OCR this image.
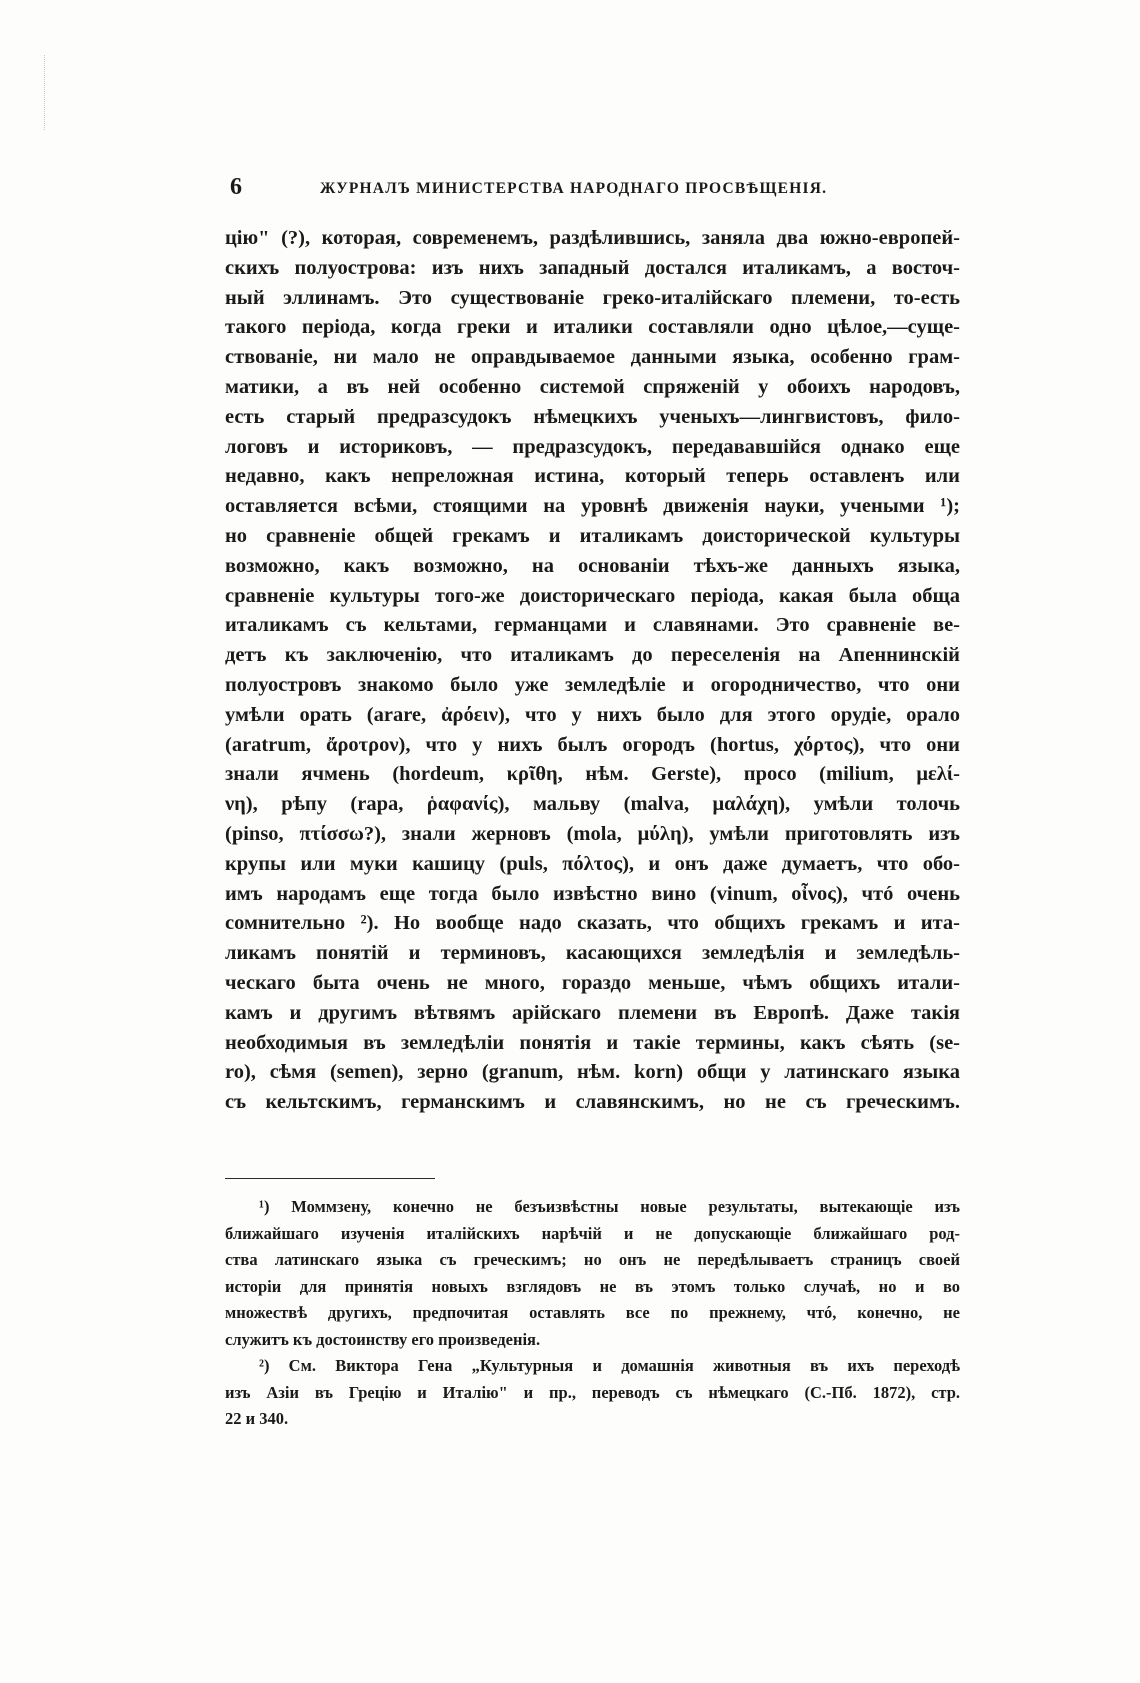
6	ЖУРНАЛЪ МИНИСТЕРСТВА НАРОДНАГО ПРОСВѢЩЕНІЯ.
цію" (?), которая, современемъ, раздѣлившись, заняла два южно-европей-
скихъ полуострова: изъ нихъ западный достался италикамъ, а восточ-
ный эллинамъ. Это существованіе греко-италійскаго племени, то-есть
такого періода, когда греки и италики составляли одно цѣлое,—суще-
ствованіе, ни мало не оправдываемое данными языка, особенно грам-
матики, а въ ней особенно системой спряженій у обоихъ народовъ,
есть старый предразсудокъ нѣмецкихъ ученыхъ—лингвистовъ, фило-
логовъ и историковъ, — предразсудокъ, передававшійся однако еще
недавно, какъ непреложная истина, который теперь оставленъ или
оставляется всѣми, стоящими на уровнѣ движенія науки, учеными ¹);
но сравненіе общей грекамъ и италикамъ доисторической культуры
возможно, какъ возможно, на основаніи тѣхъ-же данныхъ языка,
сравненіе культуры того-же доисторическаго періода, какая была обща
италикамъ съ кельтами, германцами и славянами. Это сравненіе ве-
детъ къ заключенію, что италикамъ до переселенія на Апеннинскій
полуостровъ знакомо было уже земледѣліе и огородничество, что они
умѣли орать (arare, ἀρόειν), что у нихъ было для этого орудіе, орало
(aratrum, ἄροτρον), что у нихъ былъ огородъ (hortus, χόρτος), что они
знали ячмень (hordeum, κρῖθη, нѣм. Gerste), просо (milium, μελί-
νη), рѣпу (rapa, ῥαφανίς), мальву (malva, μαλάχη), умѣли толочь
(pinso, πτίσσω?), знали жерновъ (mola, μύλη), умѣли приготовлять изъ
крупы или муки кашицу (puls, πόλτος), и онъ даже думаетъ, что обо-
имъ народамъ еще тогда было извѣстно вино (vinum, οἶνος), чтó очень
сомнительно ²). Но вообще надо сказать, что общихъ грекамъ и ита-
ликамъ понятій и терминовъ, касающихся земледѣлія и земледѣль-
ческаго быта очень не много, гораздо меньше, чѣмъ общихъ итали-
камъ и другимъ вѣтвямъ арійскаго племени въ Европѣ. Даже такія
необходимыя въ земледѣліи понятія и такіе термины, какъ сѣять (se-
ro), сѣмя (semen), зерно (granum, нѣм. korn) общи у латинскаго языка
съ кельтскимъ, германскимъ и славянскимъ, но не съ греческимъ.
¹) Моммзену, конечно не безъизвѣстны новые результаты, вытекающіе изъ
ближайшаго изученія италійскихъ нарѣчій и не допускающіе ближайшаго род-
ства латинскаго языка съ греческимъ; но онъ не передѣлываетъ страницъ своей
исторіи для принятія новыхъ взглядовъ не въ этомъ только случаѣ, но и во
множествѣ другихъ, предпочитая оставлять все по прежнему, чтó, конечно, не
служитъ къ достоинству его произведенія.
²) См. Виктора Гена „Культурныя и домашнія животныя въ ихъ переходѣ
изъ Азіи въ Грецію и Италію" и пр., переводъ съ нѣмецкаго (С.-Пб. 1872), стр.
22 и 340.
